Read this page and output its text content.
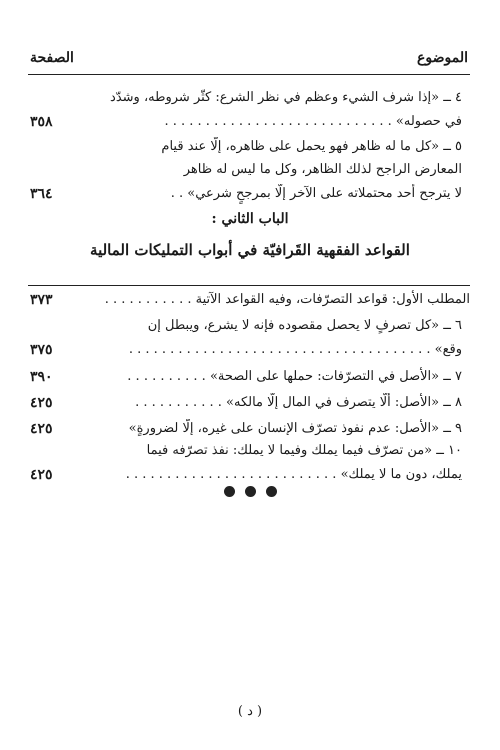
الموضوع
الصفحة
٤ ــ «إذا شرف الشيء وعظم في نظر الشرع: كثّر شروطه، وشدّد
في حصوله» . . . . . . . . . . . . . . . . . . . . . . . . . . . .
٣٥٨
٥ ــ «كل ما له ظاهر فهو يحمل على ظاهره، إلّا عند قيام
المعارض الراجح لذلك الظاهر، وكل ما ليس له ظاهر
لا يترجح أحد محتملاته على الآخر إلّا بمرجحٍ شرعي» . .
٣٦٤
الباب الثاني :
القواعد الفقهية القَرافيّة في أبواب التمليكات المالية
المطلب الأول: قواعد التصرّفات، وفيه القواعد الآتية . . . . . . . . . . .
٣٧٣
٦ ــ «كل تصرفٍ لا يحصل مقصوده فإنه لا يشرع، ويبطل إن
وقع» . . . . . . . . . . . . . . . . . . . . . . . . . . . . . . . . . . . . .
٣٧٥
٧ ــ «الأصل في التصرّفات: حملها على الصحة» . . . . . . . . . .
٣٩٠
٨ ــ «الأصل: ألّا يتصرف في المال إلّا مالكه» . . . . . . . . . . .
٤٢٥
٩ ــ «الأصل: عدم نفوذ تصرّف الإنسان على غيره، إلّا لضرورةٍ»
٤٢٥
١٠ ــ «من تصرّف فيما يملك وفيما لا يملك: نفذ تصرّفه فيما
يملك، دون ما لا يملك» . . . . . . . . . . . . . . . . . . . . . . . . . .
٤٢٥

( د )
